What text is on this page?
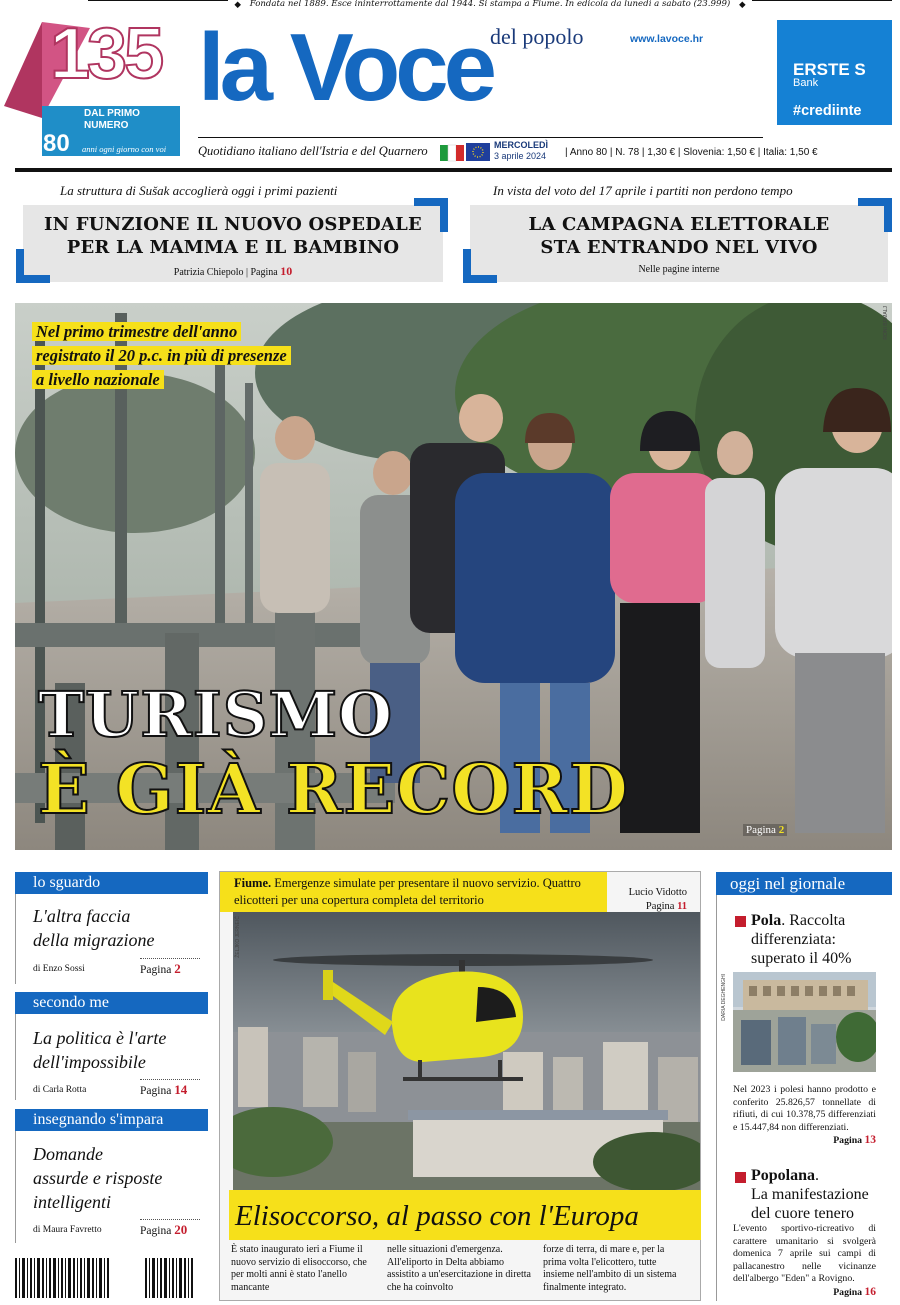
◆ Fondata nel 1889. Esce ininterrottamente dal 1944. Si stampa a Fiume. In edicola da lunedì a sabato (23.999) ◆
135
ANNI
DAL PRIMO
NUMERO
80 anni ogni giorno con voi
la Voce
del popolo	www.lavoce.hr
Quotidiano italiano dell'Istria e del Quarnero	MERCOLEDÌ
3 aprile 2024 | Anno 80 | N. 78 | 1,30 € | Slovenia: 1,50 € | Italia: 1,50 €
ERSTE S
Bank
#crediinte
La struttura di Sušak accoglierà oggi i primi pazienti
IN FUNZIONE IL NUOVO OSPEDALE
PER LA MAMMA E IL BAMBINO
Patrizia Chiepolo | Pagina 10
In vista del voto del 17 aprile i partiti non perdono tempo
LA CAMPAGNA ELETTORALE
STA ENTRANDO NEL VIVO
Nelle pagine interne
RONI BRMALJ
Nel primo trimestre dell'anno
registrato il 20 p.c. in più di presenze
a livello nazionale
TURISMO
È GIÀ RECORD	Pagina 2
lo sguardo
L'altra faccia
della migrazione
di Enzo Sossi	Pagina 2
secondo me
La politica è l'arte
dell'impossibile
di Carla Rotta	Pagina 14
insegnando s'impara
Domande
assurde e risposte
intelligenti
di Maura Favretto	Pagina 20
Fiume. Emergenze simulate per presentare il nuovo servizio. Quattro elicotteri per una copertura completa del territorio
Lucio Vidotto
Pagina 11
ŽELJKO JERNEIĆ
Elisoccorso, al passo con l'Europa
È stato inaugurato ieri a Fiume il nuovo servizio di elisoccorso, che per molti anni è stato l'anello mancante
nelle situazioni d'emergenza. All'eliporto in Delta abbiamo assistito a un'esercitazione in diretta che ha coinvolto
forze di terra, di mare e, per la prima volta l'elicottero, tutte insieme nell'ambito di un sistema finalmente integrato.
oggi nel giornale
Pola. Raccolta
differenziata:
superato il 40%
DARIA DEGHENGHI
Nel 2023 i polesi hanno prodotto e conferito 25.826,57 tonnellate di rifiuti, di cui 10.378,75 differenziati e 15.447,84 non differenziati.
Pagina 13
Popolana.
La manifestazione
del cuore tenero
L'evento sportivo-ricreativo di carattere umanitario si svolgerà domenica 7 aprile sui campi di pallacanestro nelle vicinanze dell'albergo "Eden" a Rovigno.
Pagina 16
